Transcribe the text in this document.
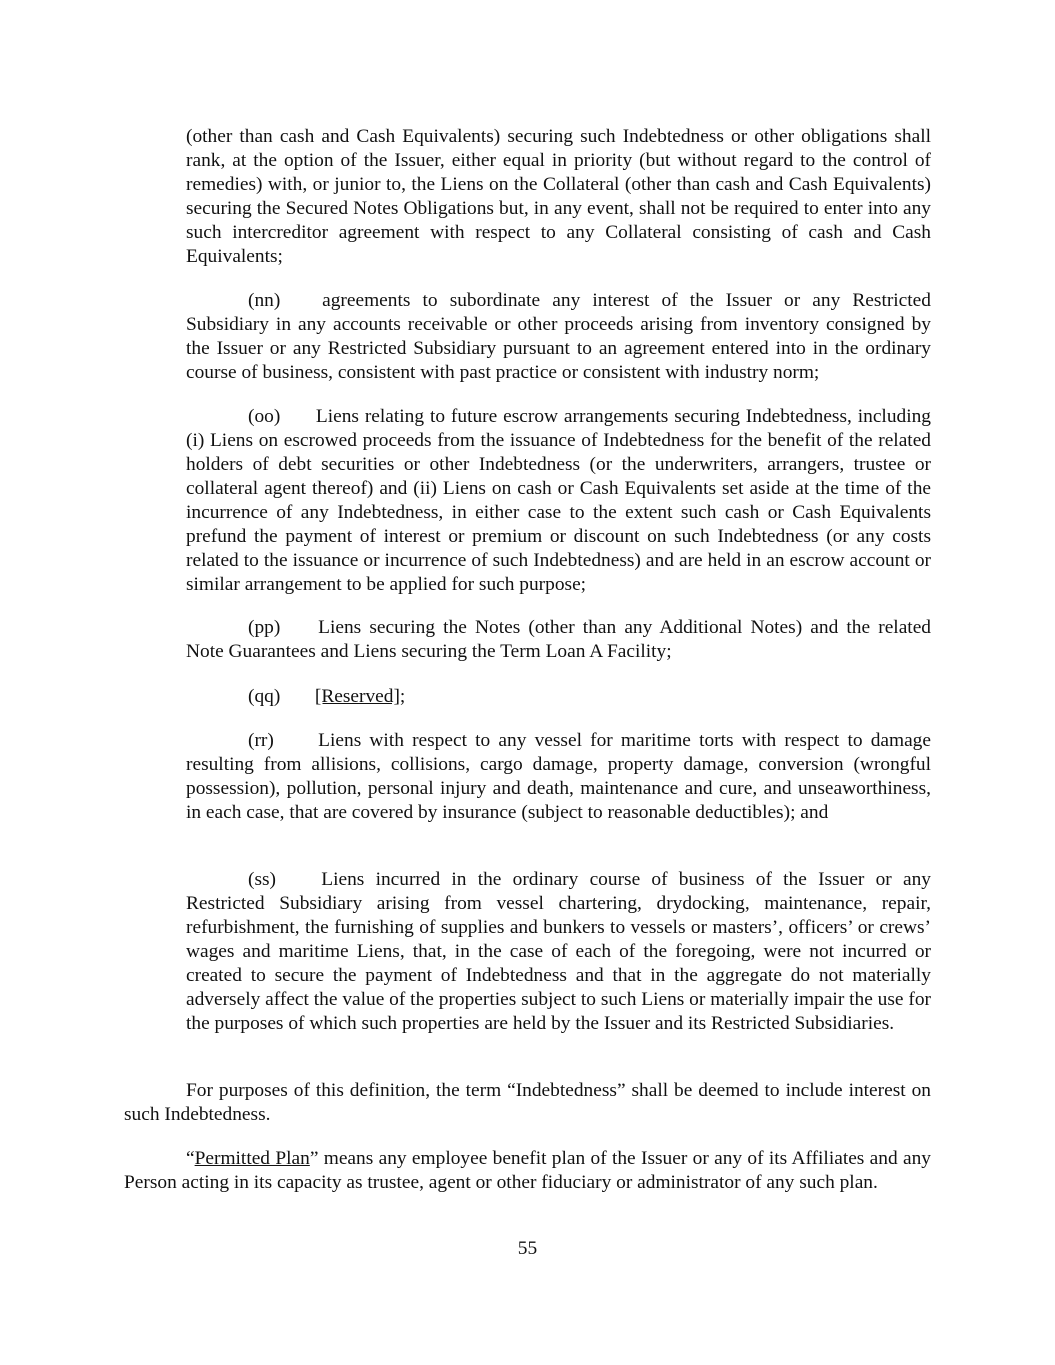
(other than cash and Cash Equivalents) securing such Indebtedness or other obligations shall rank, at the option of the Issuer, either equal in priority (but without regard to the control of remedies) with, or junior to, the Liens on the Collateral (other than cash and Cash Equivalents) securing the Secured Notes Obligations but, in any event, shall not be required to enter into any such intercreditor agreement with respect to any Collateral consisting of cash and Cash Equivalents;

(nn) agreements to subordinate any interest of the Issuer or any Restricted Subsidiary in any accounts receivable or other proceeds arising from inventory consigned by the Issuer or any Restricted Subsidiary pursuant to an agreement entered into in the ordinary course of business, consistent with past practice or consistent with industry norm;

(oo) Liens relating to future escrow arrangements securing Indebtedness, including (i) Liens on escrowed proceeds from the issuance of Indebtedness for the benefit of the related holders of debt securities or other Indebtedness (or the underwriters, arrangers, trustee or collateral agent thereof) and (ii) Liens on cash or Cash Equivalents set aside at the time of the incurrence of any Indebtedness, in either case to the extent such cash or Cash Equivalents prefund the payment of interest or premium or discount on such Indebtedness (or any costs related to the issuance or incurrence of such Indebtedness) and are held in an escrow account or similar arrangement to be applied for such purpose;

(pp) Liens securing the Notes (other than any Additional Notes) and the related Note Guarantees and Liens securing the Term Loan A Facility;

(qq) [Reserved];

(rr) Liens with respect to any vessel for maritime torts with respect to damage resulting from allisions, collisions, cargo damage, property damage, conversion (wrongful possession), pollution, personal injury and death, maintenance and cure, and unseaworthiness, in each case, that are covered by insurance (subject to reasonable deductibles); and

(ss) Liens incurred in the ordinary course of business of the Issuer or any Restricted Subsidiary arising from vessel chartering, drydocking, maintenance, repair, refurbishment, the furnishing of supplies and bunkers to vessels or masters’, officers’ or crews’ wages and maritime Liens, that, in the case of each of the foregoing, were not incurred or created to secure the payment of Indebtedness and that in the aggregate do not materially adversely affect the value of the properties subject to such Liens or materially impair the use for the purposes of which such properties are held by the Issuer and its Restricted Subsidiaries.

For purposes of this definition, the term “Indebtedness” shall be deemed to include interest on such Indebtedness.

“Permitted Plan” means any employee benefit plan of the Issuer or any of its Affiliates and any Person acting in its capacity as trustee, agent or other fiduciary or administrator of any such plan.

55
